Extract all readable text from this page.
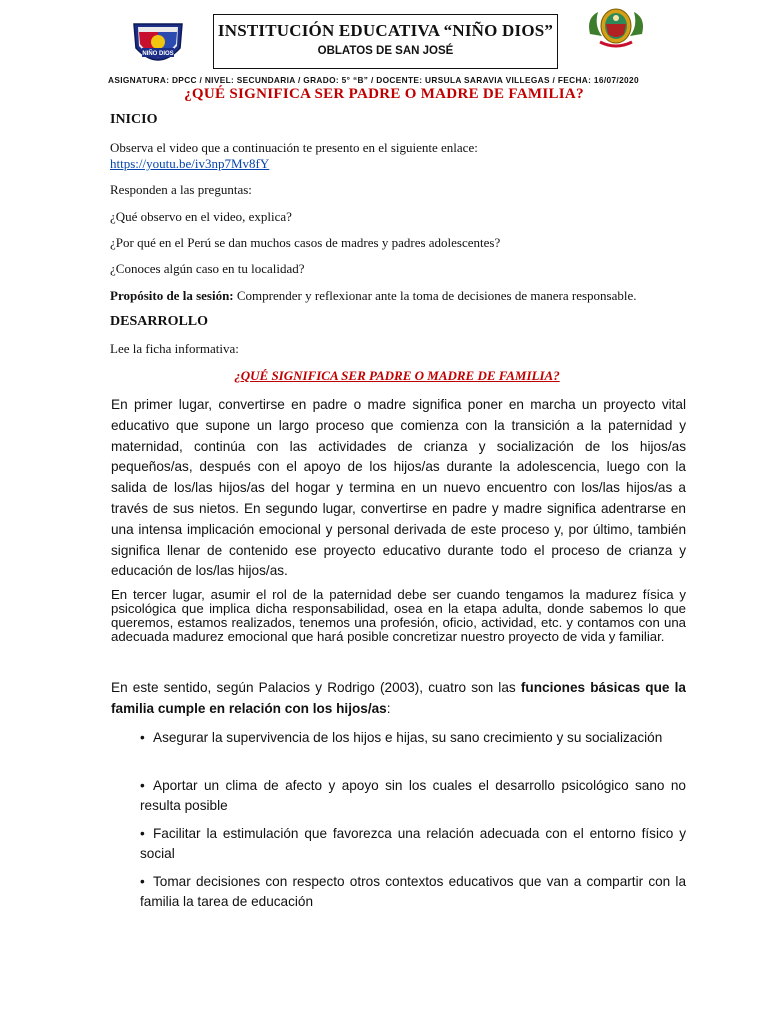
NIÑO DIOS
INSTITUCIÓN EDUCATIVA “NIÑO DIOS”
OBLATOS DE SAN JOSÉ
ASIGNATURA: DPCC / NIVEL: SECUNDARIA / GRADO: 5° “B” / DOCENTE: URSULA SARAVIA VILLEGAS / FECHA: 16/07/2020
¿QUÉ SIGNIFICA SER PADRE O MADRE DE FAMILIA?
INICIO
Observa el video que a continuación te presento en el siguiente enlace:
https://youtu.be/iv3np7Mv8fY
Responden a las preguntas:
¿Qué observo en el video, explica?
¿Por qué en el Perú se dan muchos casos de madres y padres adolescentes?
¿Conoces algún caso en tu localidad?
Propósito de la sesión: Comprender y reflexionar ante la toma de decisiones de manera responsable.
DESARROLLO
Lee la ficha informativa:
¿QUÉ SIGNIFICA SER PADRE O MADRE DE FAMILIA?
En primer lugar, convertirse en padre o madre significa poner en marcha un proyecto vital educativo que supone un largo proceso que comienza con la transición a la paternidad y maternidad, continúa con las actividades de crianza y socialización de los hijos/as pequeños/as, después con el apoyo de los hijos/as durante la adolescencia, luego con la salida de los/las hijos/as del hogar y termina en un nuevo encuentro con los/las hijos/as a través de sus nietos. En segundo lugar, convertirse en padre y madre significa adentrarse en una intensa implicación emocional y personal derivada de este proceso y, por último, también significa llenar de contenido ese proyecto educativo durante todo el proceso de crianza y educación de los/las hijos/as.
En tercer lugar, asumir el rol de la paternidad debe ser cuando tengamos la madurez física y psicológica que implica dicha responsabilidad, osea en la etapa adulta, donde sabemos lo que queremos, estamos realizados, tenemos una profesión, oficio, actividad, etc. y contamos con una adecuada madurez emocional que hará posible concretizar nuestro proyecto de vida y familiar.
En este sentido, según Palacios y Rodrigo (2003), cuatro son las funciones básicas que la familia cumple en relación con los hijos/as:
• Asegurar la supervivencia de los hijos e hijas, su sano crecimiento y su socialización
• Aportar un clima de afecto y apoyo sin los cuales el desarrollo psicológico sano no resulta posible
• Facilitar la estimulación que favorezca una relación adecuada con el entorno físico y social
• Tomar decisiones con respecto otros contextos educativos que van a compartir con la familia la tarea de educación
